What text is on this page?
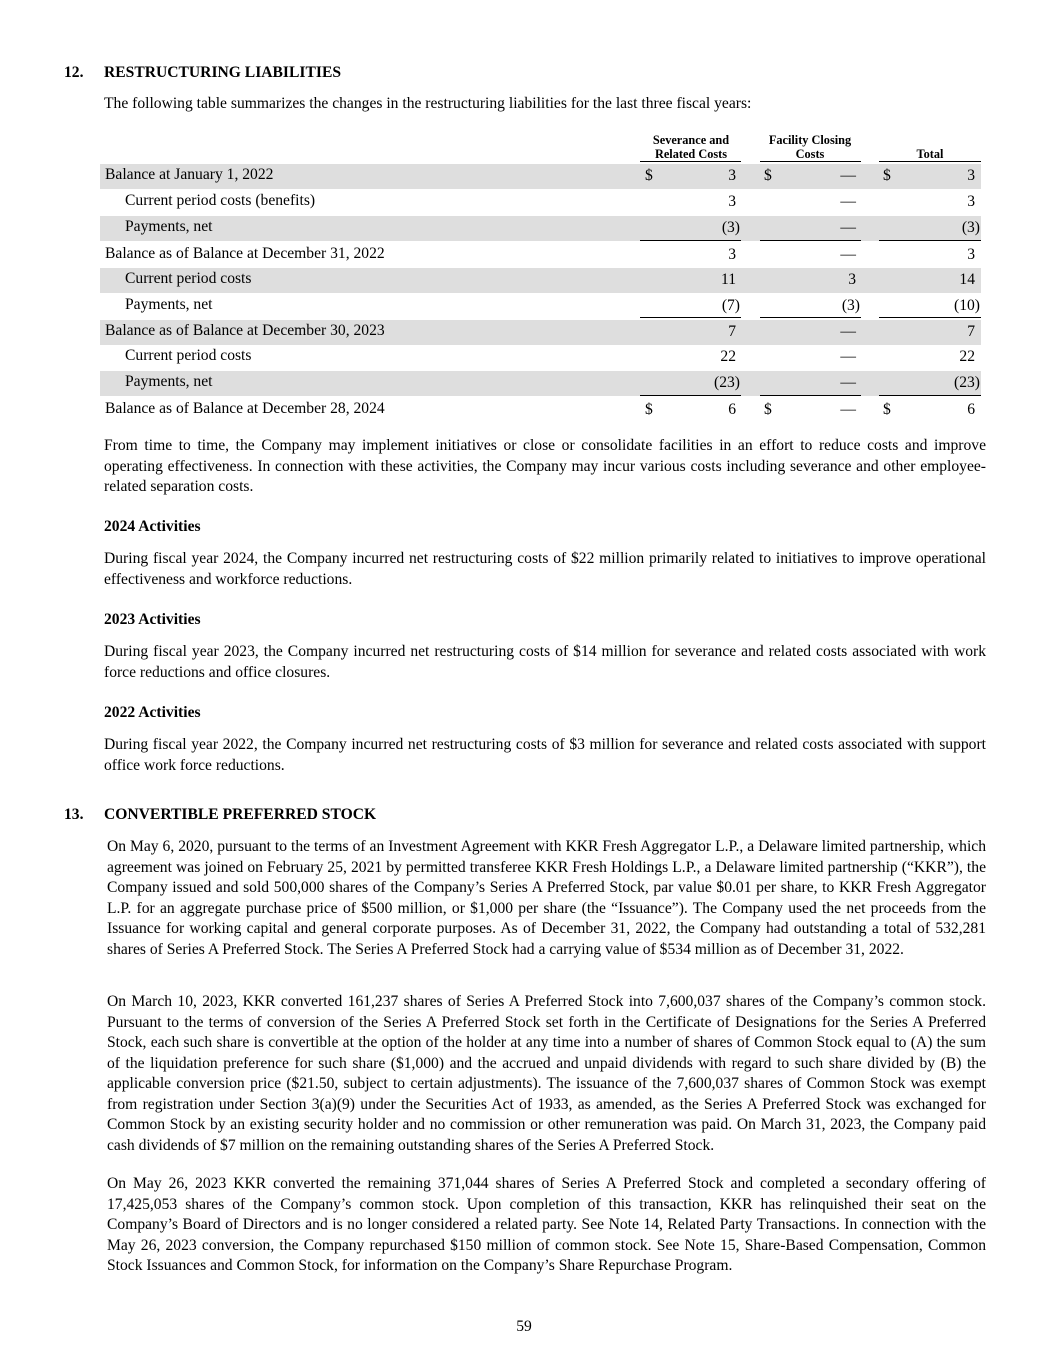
12. RESTRUCTURING LIABILITIES
The following table summarizes the changes in the restructuring liabilities for the last three fiscal years:
Severance and
Related Costs
Facility Closing
Costs	Total
Balance at January 1, 2022	$	3 $	— $	3
Current period costs (benefits)	3	—	3
Payments, net	(3)	—	(3)
Balance as of Balance at December 31, 2022	3	—	3
Current period costs	11	3	14
Payments, net	(7)	(3)	(10)
Balance as of Balance at December 30, 2023	7	—	7
Current period costs	22	—	22
Payments, net	(23)	—	(23)
Balance as of Balance at December 28, 2024	$	6 $	— $	6

From time to time, the Company may implement initiatives or close or consolidate facilities in an effort to reduce costs and improve operating effectiveness. In connection with these activities, the Company may incur various costs including severance and other employee-related separation costs.

2024 Activities

During fiscal year 2024, the Company incurred net restructuring costs of $22 million primarily related to initiatives to improve operational effectiveness and workforce reductions.

2023 Activities

During fiscal year 2023, the Company incurred net restructuring costs of $14 million for severance and related costs associated with work force reductions and office closures.

2022 Activities

During fiscal year 2022, the Company incurred net restructuring costs of $3 million for severance and related costs associated with support office work force reductions.

13. CONVERTIBLE PREFERRED STOCK

On May 6, 2020, pursuant to the terms of an Investment Agreement with KKR Fresh Aggregator L.P., a Delaware limited partnership, which agreement was joined on February 25, 2021 by permitted transferee KKR Fresh Holdings L.P., a Delaware limited partnership (“KKR”), the Company issued and sold 500,000 shares of the Company’s Series A Preferred Stock, par value $0.01 per share, to KKR Fresh Aggregator L.P. for an aggregate purchase price of $500 million, or $1,000 per share (the “Issuance”). The Company used the net proceeds from the Issuance for working capital and general corporate purposes. As of December 31, 2022, the Company had outstanding a total of 532,281 shares of Series A Preferred Stock. The Series A Preferred Stock had a carrying value of $534 million as of December 31, 2022.

On March 10, 2023, KKR converted 161,237 shares of Series A Preferred Stock into 7,600,037 shares of the Company’s common stock. Pursuant to the terms of conversion of the Series A Preferred Stock set forth in the Certificate of Designations for the Series A Preferred Stock, each such share is convertible at the option of the holder at any time into a number of shares of Common Stock equal to (A) the sum of the liquidation preference for such share ($1,000) and the accrued and unpaid dividends with regard to such share divided by (B) the applicable conversion price ($21.50, subject to certain adjustments). The issuance of the 7,600,037 shares of Common Stock was exempt from registration under Section 3(a)(9) under the Securities Act of 1933, as amended, as the Series A Preferred Stock was exchanged for Common Stock by an existing security holder and no commission or other remuneration was paid. On March 31, 2023, the Company paid cash dividends of $7 million on the remaining outstanding shares of the Series A Preferred Stock.

On May 26, 2023 KKR converted the remaining 371,044 shares of Series A Preferred Stock and completed a secondary offering of 17,425,053 shares of the Company’s common stock. Upon completion of this transaction, KKR has relinquished their seat on the Company’s Board of Directors and is no longer considered a related party. See Note 14, Related Party Transactions. In connection with the May 26, 2023 conversion, the Company repurchased $150 million of common stock. See Note 15, Share-Based Compensation, Common Stock Issuances and Common Stock, for information on the Company’s Share Repurchase Program.

59
